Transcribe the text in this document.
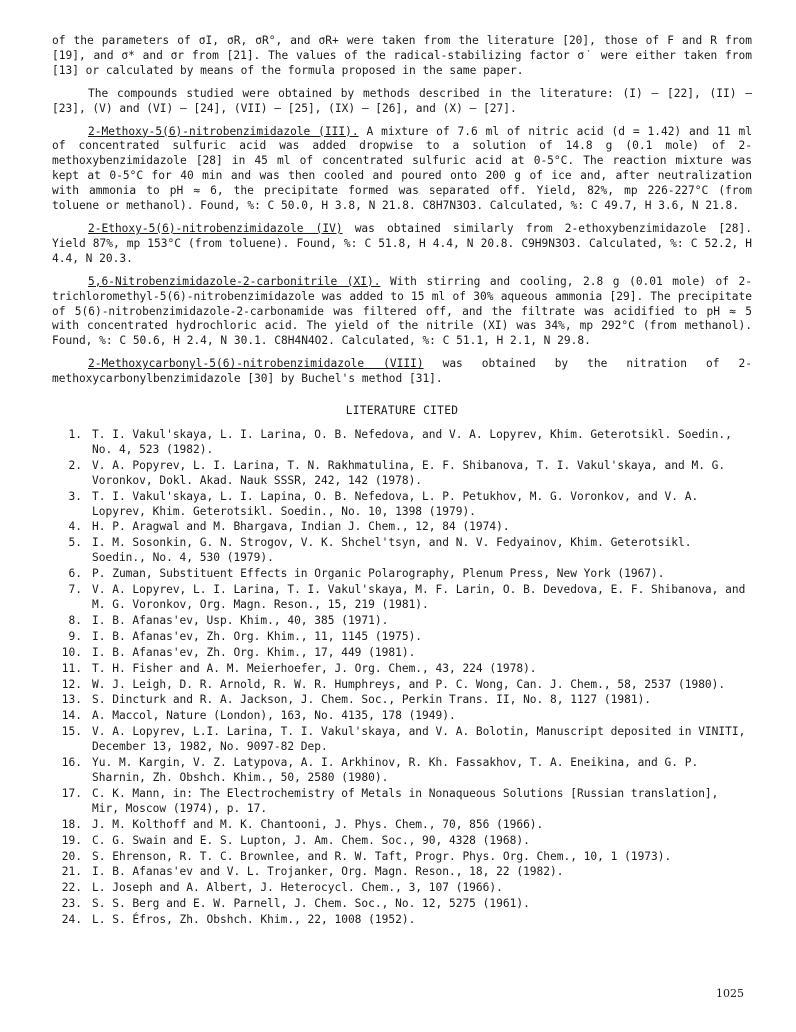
of the parameters of σI, σR, σR°, and σR+ were taken from the literature [20], those of F and R from [19], and σ* and σr from [21]. The values of the radical-stabilizing factor σ˙ were either taken from [13] or calculated by means of the formula proposed in the same paper.

The compounds studied were obtained by methods described in the literature: (I) — [22], (II) — [23], (V) and (VI) — [24], (VII) — [25], (IX) — [26], and (X) — [27].

2-Methoxy-5(6)-nitrobenzimidazole (III). A mixture of 7.6 ml of nitric acid (d = 1.42) and 11 ml of concentrated sulfuric acid was added dropwise to a solution of 14.8 g (0.1 mole) of 2-methoxybenzimidazole [28] in 45 ml of concentrated sulfuric acid at 0-5°C. The reaction mixture was kept at 0-5°C for 40 min and was then cooled and poured onto 200 g of ice and, after neutralization with ammonia to pH ≈ 6, the precipitate formed was separated off. Yield, 82%, mp 226-227°C (from toluene or methanol). Found, %: C 50.0, H 3.8, N 21.8. C8H7N3O3. Calculated, %: C 49.7, H 3.6, N 21.8.

2-Ethoxy-5(6)-nitrobenzimidazole (IV) was obtained similarly from 2-ethoxybenzimidazole [28]. Yield 87%, mp 153°C (from toluene). Found, %: C 51.8, H 4.4, N 20.8. C9H9N3O3. Calculated, %: C 52.2, H 4.4, N 20.3.

5,6-Nitrobenzimidazole-2-carbonitrile (XI). With stirring and cooling, 2.8 g (0.01 mole) of 2-trichloromethyl-5(6)-nitrobenzimidazole was added to 15 ml of 30% aqueous ammonia [29]. The precipitate of 5(6)-nitrobenzimidazole-2-carbonamide was filtered off, and the filtrate was acidified to pH ≈ 5 with concentrated hydrochloric acid. The yield of the nitrile (XI) was 34%, mp 292°C (from methanol). Found, %: C 50.6, H 2.4, N 30.1. C8H4N4O2. Calculated, %: C 51.1, H 2.1, N 29.8.

2-Methoxycarbonyl-5(6)-nitrobenzimidazole (VIII) was obtained by the nitration of 2-methoxycarbonylbenzimidazole [30] by Buchel's method [31].

LITERATURE CITED
1. T. I. Vakul'skaya, L. I. Larina, O. B. Nefedova, and V. A. Lopyrev, Khim. Geterotsikl. Soedin., No. 4, 523 (1982).
2. V. A. Popyrev, L. I. Larina, T. N. Rakhmatulina, E. F. Shibanova, T. I. Vakul'skaya, and M. G. Voronkov, Dokl. Akad. Nauk SSSR, 242, 142 (1978).
3. T. I. Vakul'skaya, L. I. Lapina, O. B. Nefedova, L. P. Petukhov, M. G. Voronkov, and V. A. Lopyrev, Khim. Geterotsikl. Soedin., No. 10, 1398 (1979).
4. H. P. Aragwal and M. Bhargava, Indian J. Chem., 12, 84 (1974).
5. I. M. Sosonkin, G. N. Strogov, V. K. Shchel'tsyn, and N. V. Fedyainov, Khim. Geterotsikl. Soedin., No. 4, 530 (1979).
6. P. Zuman, Substituent Effects in Organic Polarography, Plenum Press, New York (1967).
7. V. A. Lopyrev, L. I. Larina, T. I. Vakul'skaya, M. F. Larin, O. B. Devedova, E. F. Shibanova, and M. G. Voronkov, Org. Magn. Reson., 15, 219 (1981).
8. I. B. Afanas'ev, Usp. Khim., 40, 385 (1971).
9. I. B. Afanas'ev, Zh. Org. Khim., 11, 1145 (1975).
10. I. B. Afanas'ev, Zh. Org. Khim., 17, 449 (1981).
11. T. H. Fisher and A. M. Meierhoefer, J. Org. Chem., 43, 224 (1978).
12. W. J. Leigh, D. R. Arnold, R. W. R. Humphreys, and P. C. Wong, Can. J. Chem., 58, 2537 (1980).
13. S. Dincturk and R. A. Jackson, J. Chem. Soc., Perkin Trans. II, No. 8, 1127 (1981).
14. A. Maccol, Nature (London), 163, No. 4135, 178 (1949).
15. V. A. Lopyrev, L.I. Larina, T. I. Vakul'skaya, and V. A. Bolotin, Manuscript deposited in VINITI, December 13, 1982, No. 9097-82 Dep.
16. Yu. M. Kargin, V. Z. Latypova, A. I. Arkhinov, R. Kh. Fassakhov, T. A. Eneikina, and G. P. Sharnin, Zh. Obshch. Khim., 50, 2580 (1980).
17. C. K. Mann, in: The Electrochemistry of Metals in Nonaqueous Solutions [Russian translation], Mir, Moscow (1974), p. 17.
18. J. M. Kolthoff and M. K. Chantooni, J. Phys. Chem., 70, 856 (1966).
19. C. G. Swain and E. S. Lupton, J. Am. Chem. Soc., 90, 4328 (1968).
20. S. Ehrenson, R. T. C. Brownlee, and R. W. Taft, Progr. Phys. Org. Chem., 10, 1 (1973).
21. I. B. Afanas'ev and V. L. Trojanker, Org. Magn. Reson., 18, 22 (1982).
22. L. Joseph and A. Albert, J. Heterocycl. Chem., 3, 107 (1966).
23. S. S. Berg and E. W. Parnell, J. Chem. Soc., No. 12, 5275 (1961).
24. L. S. Éfros, Zh. Obshch. Khim., 22, 1008 (1952).
1025
